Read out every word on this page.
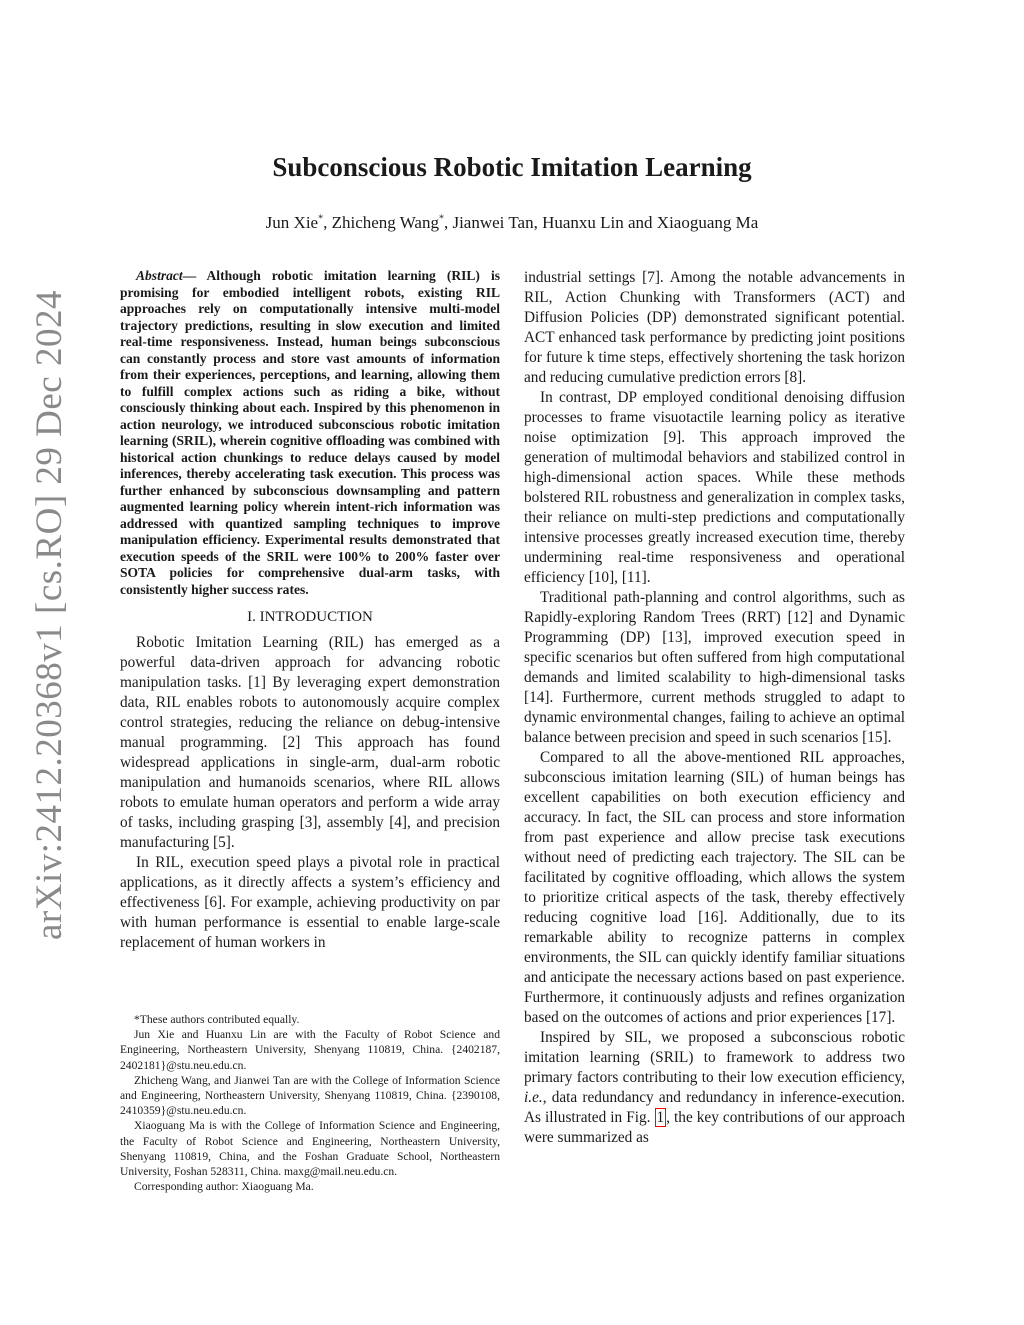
arXiv:2412.20368v1 [cs.RO] 29 Dec 2024
Subconscious Robotic Imitation Learning
Jun Xie*, Zhicheng Wang*, Jianwei Tan, Huanxu Lin and Xiaoguang Ma

Abstract— Although robotic imitation learning (RIL) is promising for embodied intelligent robots, existing RIL approaches rely on computationally intensive multi-model trajectory predictions, resulting in slow execution and limited real-time responsiveness. Instead, human beings subconscious can constantly process and store vast amounts of information from their experiences, perceptions, and learning, allowing them to fulfill complex actions such as riding a bike, without consciously thinking about each. Inspired by this phenomenon in action neurology, we introduced subconscious robotic imitation learning (SRIL), wherein cognitive offloading was combined with historical action chunkings to reduce delays caused by model inferences, thereby accelerating task execution. This process was further enhanced by subconscious downsampling and pattern augmented learning policy wherein intent-rich information was addressed with quantized sampling techniques to improve manipulation efficiency. Experimental results demonstrated that execution speeds of the SRIL were 100% to 200% faster over SOTA policies for comprehensive dual-arm tasks, with consistently higher success rates.

I. INTRODUCTION

Robotic Imitation Learning (RIL) has emerged as a powerful data-driven approach for advancing robotic manipulation tasks. [1] By leveraging expert demonstration data, RIL enables robots to autonomously acquire complex control strategies, reducing the reliance on debug-intensive manual programming. [2] This approach has found widespread applications in single-arm, dual-arm robotic manipulation and humanoids scenarios, where RIL allows robots to emulate human operators and perform a wide array of tasks, including grasping [3], assembly [4], and precision manufacturing [5].

In RIL, execution speed plays a pivotal role in practical applications, as it directly affects a system’s efficiency and effectiveness [6]. For example, achieving productivity on par with human performance is essential to enable large-scale replacement of human workers in

*These authors contributed equally.

Jun Xie and Huanxu Lin are with the Faculty of Robot Science and Engineering, Northeastern University, Shenyang 110819, China. {2402187, 2402181}@stu.neu.edu.cn.

Zhicheng Wang, and Jianwei Tan are with the College of Information Science and Engineering, Northeastern University, Shenyang 110819, China. {2390108, 2410359}@stu.neu.edu.cn.

Xiaoguang Ma is with the College of Information Science and Engineering, the Faculty of Robot Science and Engineering, Northeastern University, Shenyang 110819, China, and the Foshan Graduate School, Northeastern University, Foshan 528311, China. maxg@mail.neu.edu.cn.

Corresponding author: Xiaoguang Ma.

industrial settings [7]. Among the notable advancements in RIL, Action Chunking with Transformers (ACT) and Diffusion Policies (DP) demonstrated significant potential. ACT enhanced task performance by predicting joint positions for future k time steps, effectively shortening the task horizon and reducing cumulative prediction errors [8].

In contrast, DP employed conditional denoising diffusion processes to frame visuotactile learning policy as iterative noise optimization [9]. This approach improved the generation of multimodal behaviors and stabilized control in high-dimensional action spaces. While these methods bolstered RIL robustness and generalization in complex tasks, their reliance on multi-step predictions and computationally intensive processes greatly increased execution time, thereby undermining real-time responsiveness and operational efficiency [10], [11].

Traditional path-planning and control algorithms, such as Rapidly-exploring Random Trees (RRT) [12] and Dynamic Programming (DP) [13], improved execution speed in specific scenarios but often suffered from high computational demands and limited scalability to high-dimensional tasks [14]. Furthermore, current methods struggled to adapt to dynamic environmental changes, failing to achieve an optimal balance between precision and speed in such scenarios [15].

Compared to all the above-mentioned RIL approaches, subconscious imitation learning (SIL) of human beings has excellent capabilities on both execution efficiency and accuracy. In fact, the SIL can process and store information from past experience and allow precise task executions without need of predicting each trajectory. The SIL can be facilitated by cognitive offloading, which allows the system to prioritize critical aspects of the task, thereby effectively reducing cognitive load [16]. Additionally, due to its remarkable ability to recognize patterns in complex environments, the SIL can quickly identify familiar situations and anticipate the necessary actions based on past experience. Furthermore, it continuously adjusts and refines organization based on the outcomes of actions and prior experiences [17].

Inspired by SIL, we proposed a subconscious robotic imitation learning (SRIL) to framework to address two primary factors contributing to their low execution efficiency, i.e., data redundancy and redundancy in inference-execution. As illustrated in Fig. 1 , the key contributions of our approach were summarized as
